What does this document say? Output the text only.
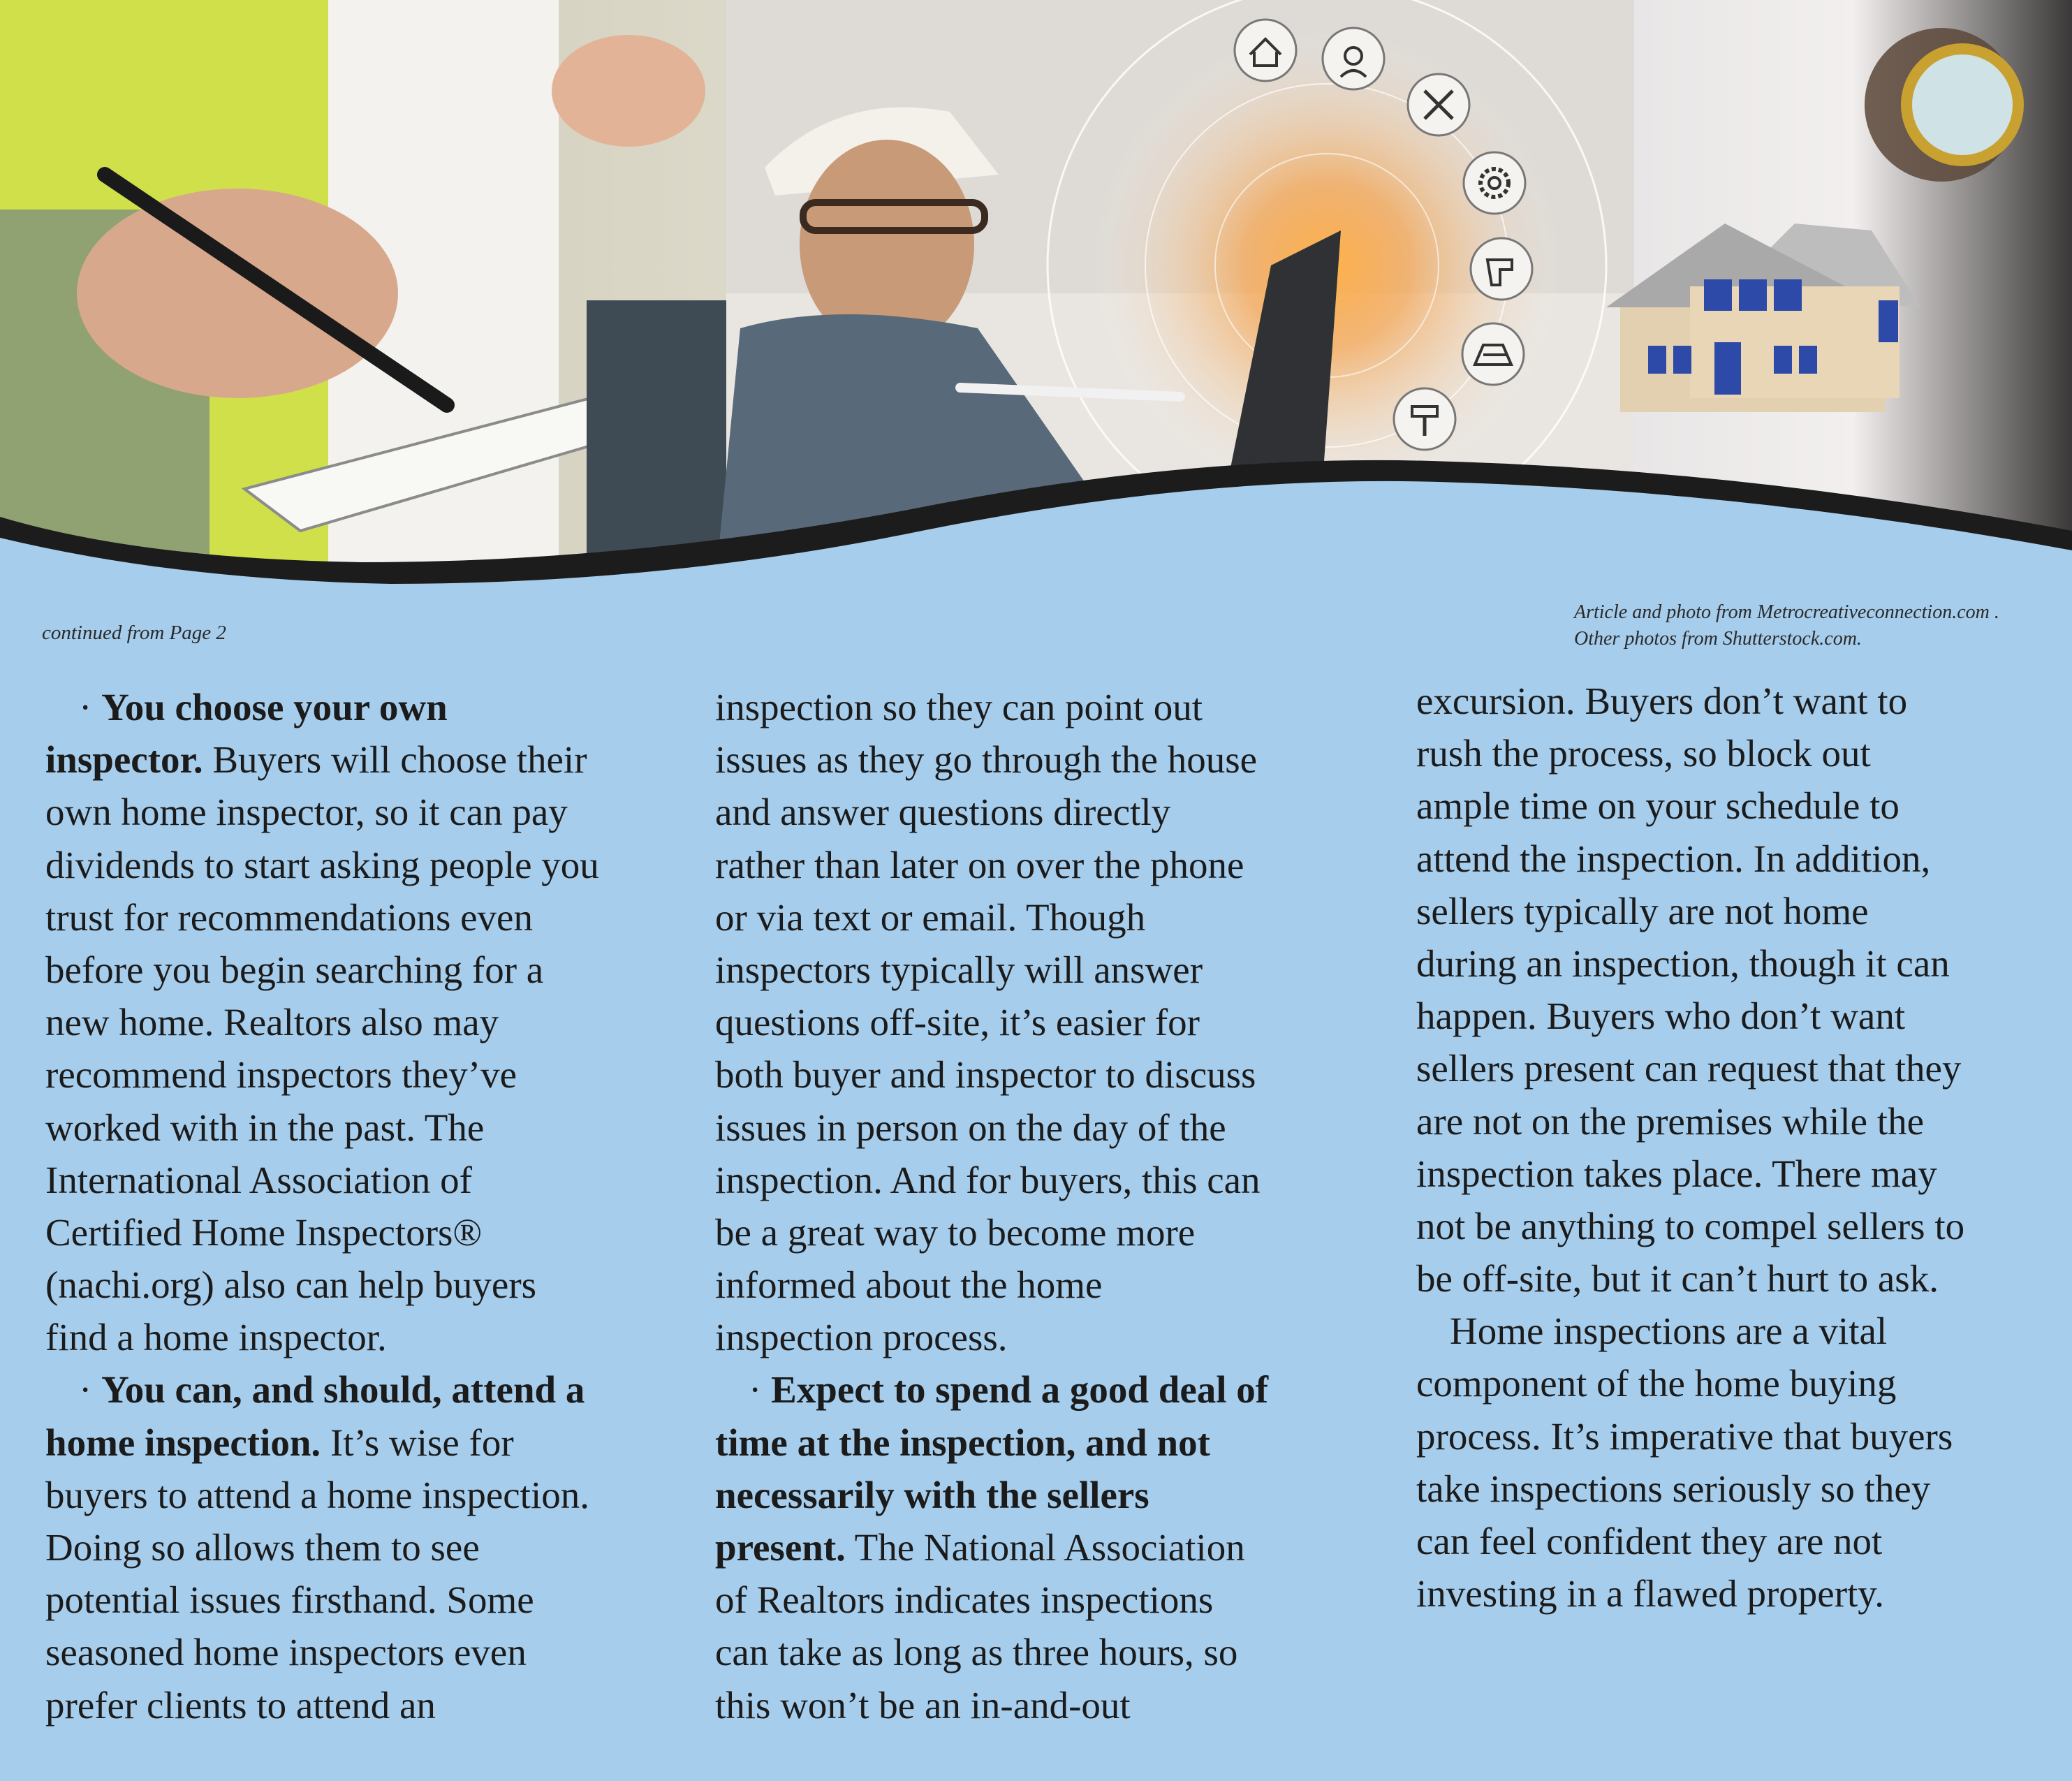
continued from Page 2
Article and photo from Metrocreativeconnection.com .
Other photos from Shutterstock.com.
· You choose your own
inspector. Buyers will choose their
own home inspector, so it can pay
dividends to start asking people you
trust for recommendations even
before you begin searching for a
new home. Realtors also may
recommend inspectors they’ve
worked with in the past. The
International Association of
Certified Home Inspectors®
(nachi.org) also can help buyers
find a home inspector.
· You can, and should, attend a
home inspection. It’s wise for
buyers to attend a home inspection.
Doing so allows them to see
potential issues firsthand. Some
seasoned home inspectors even
prefer clients to attend an
inspection so they can point out
issues as they go through the house
and answer questions directly
rather than later on over the phone
or via text or email. Though
inspectors typically will answer
questions off-site, it’s easier for
both buyer and inspector to discuss
issues in person on the day of the
inspection. And for buyers, this can
be a great way to become more
informed about the home
inspection process.
· Expect to spend a good deal of
time at the inspection, and not
necessarily with the sellers
present. The National Association
of Realtors indicates inspections
can take as long as three hours, so
this won’t be an in-and-out
excursion. Buyers don’t want to
rush the process, so block out
ample time on your schedule to
attend the inspection. In addition,
sellers typically are not home
during an inspection, though it can
happen. Buyers who don’t want
sellers present can request that they
are not on the premises while the
inspection takes place. There may
not be anything to compel sellers to
be off-site, but it can’t hurt to ask.
Home inspections are a vital
component of the home buying
process. It’s imperative that buyers
take inspections seriously so they
can feel confident they are not
investing in a flawed property.
